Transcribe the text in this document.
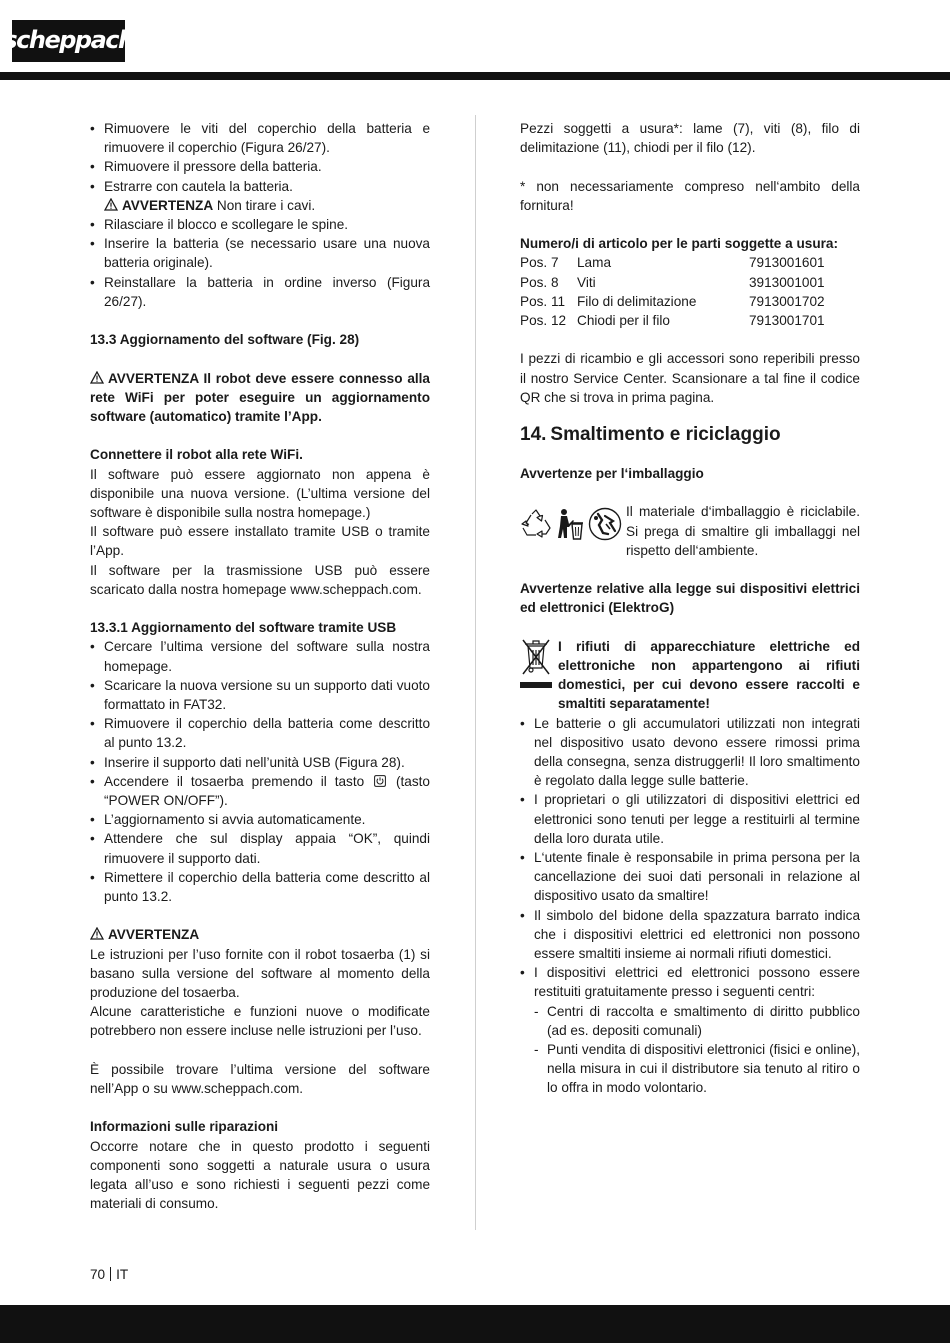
scheppach
• Rimuovere le viti del coperchio della batteria e rimuovere il coperchio (Figura 26/27).
• Rimuovere il pressore della batteria.
• Estrarre con cautela la batteria.

AVVERTENZA Non tirare i cavi.

• Rilasciare il blocco e scollegare le spine.
• Inserire la batteria (se necessario usare una nuova batteria originale).
• Reinstallare la batteria in ordine inverso (Figura 26/27).

13.3 Aggiornamento del software (Fig. 28)

AVVERTENZA Il robot deve essere connesso alla rete WiFi per poter eseguire un aggiornamento software (automatico) tramite l’App.

Connettere il robot alla rete WiFi.

Il software può essere aggiornato non appena è disponibile una nuova versione. (L’ultima versione del software è disponibile sulla nostra homepage.)

Il software può essere installato tramite USB o tramite l’App.

Il software per la trasmissione USB può essere scaricato dalla nostra homepage www.scheppach.com.

13.3.1 Aggiornamento del software tramite USB

• Cercare l’ultima versione del software sulla nostra homepage.
• Scaricare la nuova versione su un supporto dati vuoto formattato in FAT32.
• Rimuovere il coperchio della batteria come descritto al punto 13.2.
• Inserire il supporto dati nell’unità USB (Figura 28).
• Accendere il tosaerba premendo il tasto (tasto “POWER ON/OFF”).
• L’aggiornamento si avvia automaticamente.
• Attendere che sul display appaia “OK”, quindi rimuovere il supporto dati.
• Rimettere il coperchio della batteria come descritto al punto 13.2.

AVVERTENZA

Le istruzioni per l’uso fornite con il robot tosaerba (1) si basano sulla versione del software al momento della produzione del tosaerba.

Alcune caratteristiche e funzioni nuove o modificate potrebbero non essere incluse nelle istruzioni per l’uso.

È possibile trovare l’ultima versione del software nell’App o su www.scheppach.com.

Informazioni sulle riparazioni

Occorre notare che in questo prodotto i seguenti componenti sono soggetti a naturale usura o usura legata all’uso e sono richiesti i seguenti pezzi come materiali di consumo.

Pezzi soggetti a usura*: lame (7), viti (8), filo di delimitazione (11), chiodi per il filo (12).

* non necessariamente compreso nell‘ambito della fornitura!

Numero/i di articolo per le parti soggette a usura:

Pos. 7	Lama	7913001601
Pos. 8	Viti	3913001001
Pos. 11	Filo di delimitazione	7913001702
Pos. 12	Chiodi per il filo	7913001701

I pezzi di ricambio e gli accessori sono reperibili presso il nostro Service Center. Scansionare a tal fine il codice QR che si trova in prima pagina.

14. Smaltimento e riciclaggio

Avvertenze per l‘imballaggio

Il materiale d‘imballaggio è riciclabile. Si prega di smaltire gli imballaggi nel rispetto dell‘ambiente.

Avvertenze relative alla legge sui dispositivi elettrici ed elettronici (ElektroG)

I rifiuti di apparecchiature elettriche ed elettroniche non appartengono ai rifiuti domestici, per cui devono essere raccolti e smaltiti separatamente!

• Le batterie o gli accumulatori utilizzati non integrati nel dispositivo usato devono essere rimossi prima della consegna, senza distruggerli! Il loro smaltimento è regolato dalla legge sulle batterie.
• I proprietari o gli utilizzatori di dispositivi elettrici ed elettronici sono tenuti per legge a restituirli al termine della loro durata utile.
• L‘utente finale è responsabile in prima persona per la cancellazione dei suoi dati personali in relazione al dispositivo usato da smaltire!
• Il simbolo del bidone della spazzatura barrato indica che i dispositivi elettrici ed elettronici non possono essere smaltiti insieme ai normali rifiuti domestici.
• I dispositivi elettrici ed elettronici possono essere restituiti gratuitamente presso i seguenti centri:
- Centri di raccolta e smaltimento di diritto pubblico (ad es. depositi comunali)
- Punti vendita di dispositivi elettronici (fisici e online), nella misura in cui il distributore sia tenuto al ritiro o lo offra in modo volontario.
70 IT
